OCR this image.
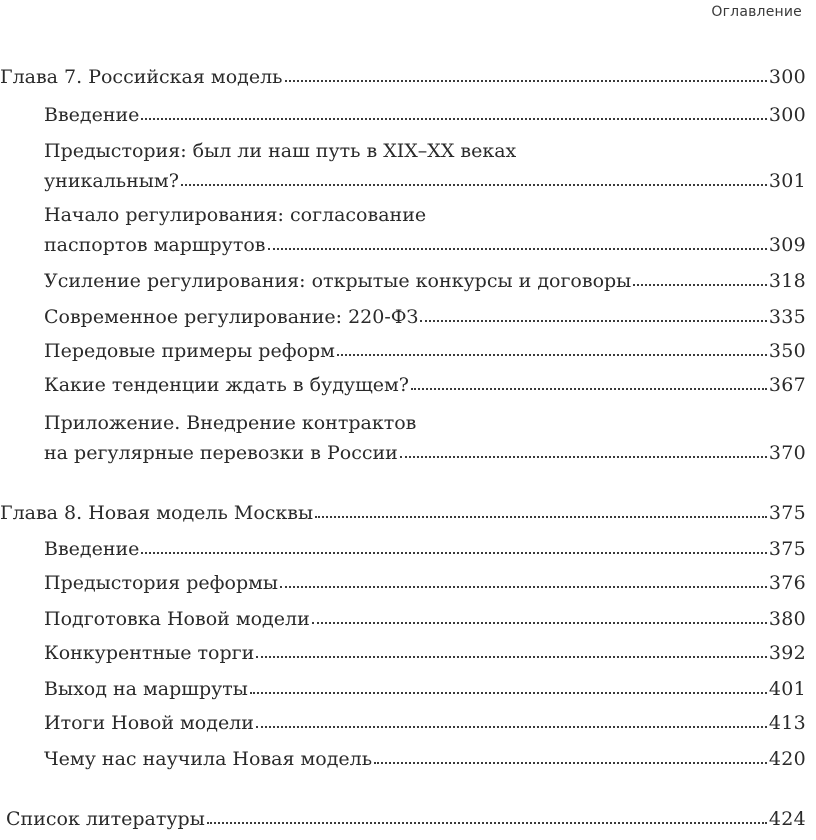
Оглавление
Глава 7. Российская модель	300
Введение	300
Предыстория: был ли наш путь в XIX–XX веках
уникальным?	301
Начало регулирования: согласование
паспортов маршрутов	309
Усиление регулирования: открытые конкурсы и договоры	318
Современное регулирование: 220-ФЗ	335
Передовые примеры реформ	350
Какие тенденции ждать в будущем?	367
Приложение. Внедрение контрактов
на регулярные перевозки в России	370
Глава 8. Новая модель Москвы	375
Введение	375
Предыстория реформы	376
Подготовка Новой модели	380
Конкурентные торги	392
Выход на маршруты	401
Итоги Новой модели	413
Чему нас научила Новая модель	420
Список литературы	424
